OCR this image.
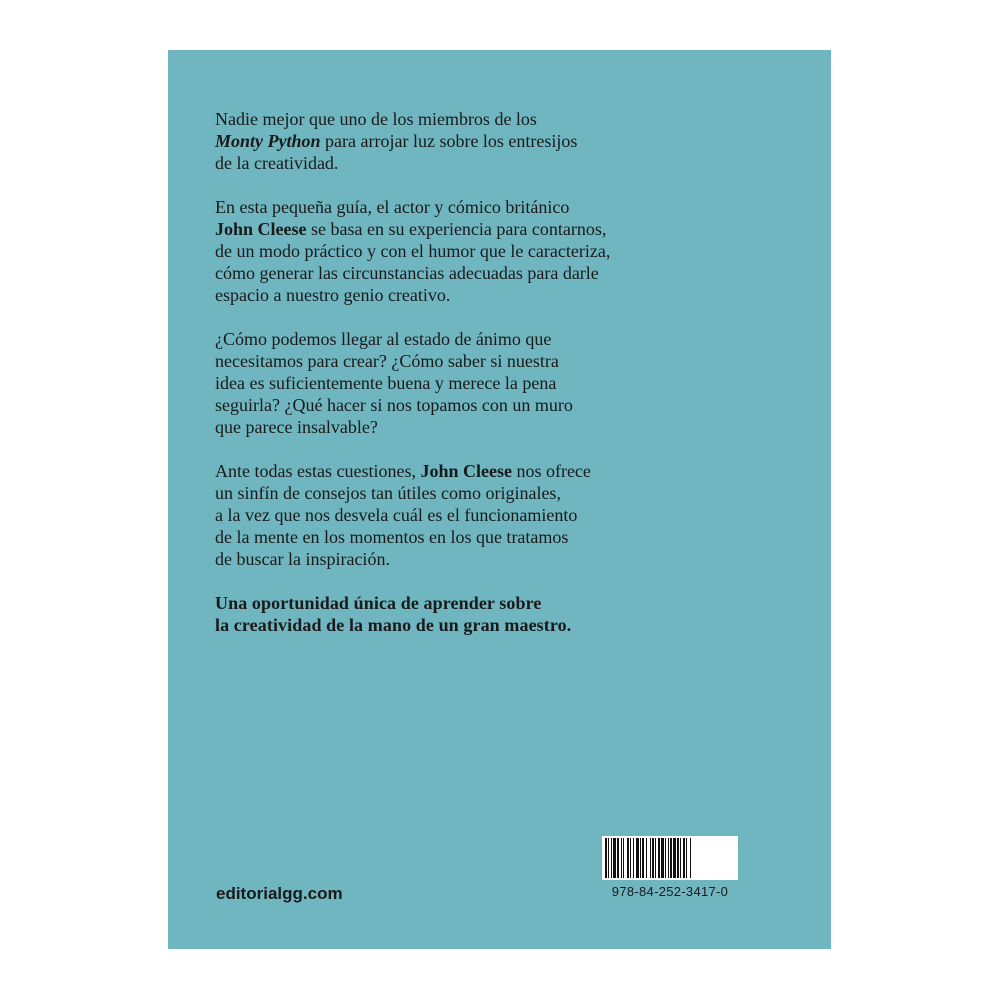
Nadie mejor que uno de los miembros de los
Monty Python para arrojar luz sobre los entresijos
de la creatividad.
En esta pequeña guía, el actor y cómico británico
John Cleese se basa en su experiencia para contarnos,
de un modo práctico y con el humor que le caracteriza,
cómo generar las circunstancias adecuadas para darle
espacio a nuestro genio creativo.
¿Cómo podemos llegar al estado de ánimo que
necesitamos para crear? ¿Cómo saber si nuestra
idea es suficientemente buena y merece la pena
seguirla? ¿Qué hacer si nos topamos con un muro
que parece insalvable?
Ante todas estas cuestiones, John Cleese nos ofrece
un sinfín de consejos tan útiles como originales,
a la vez que nos desvela cuál es el funcionamiento
de la mente en los momentos en los que tratamos
de buscar la inspiración.
Una oportunidad única de aprender sobre
la creatividad de la mano de un gran maestro.
editorialgg.com	978-84-252-3417-0
